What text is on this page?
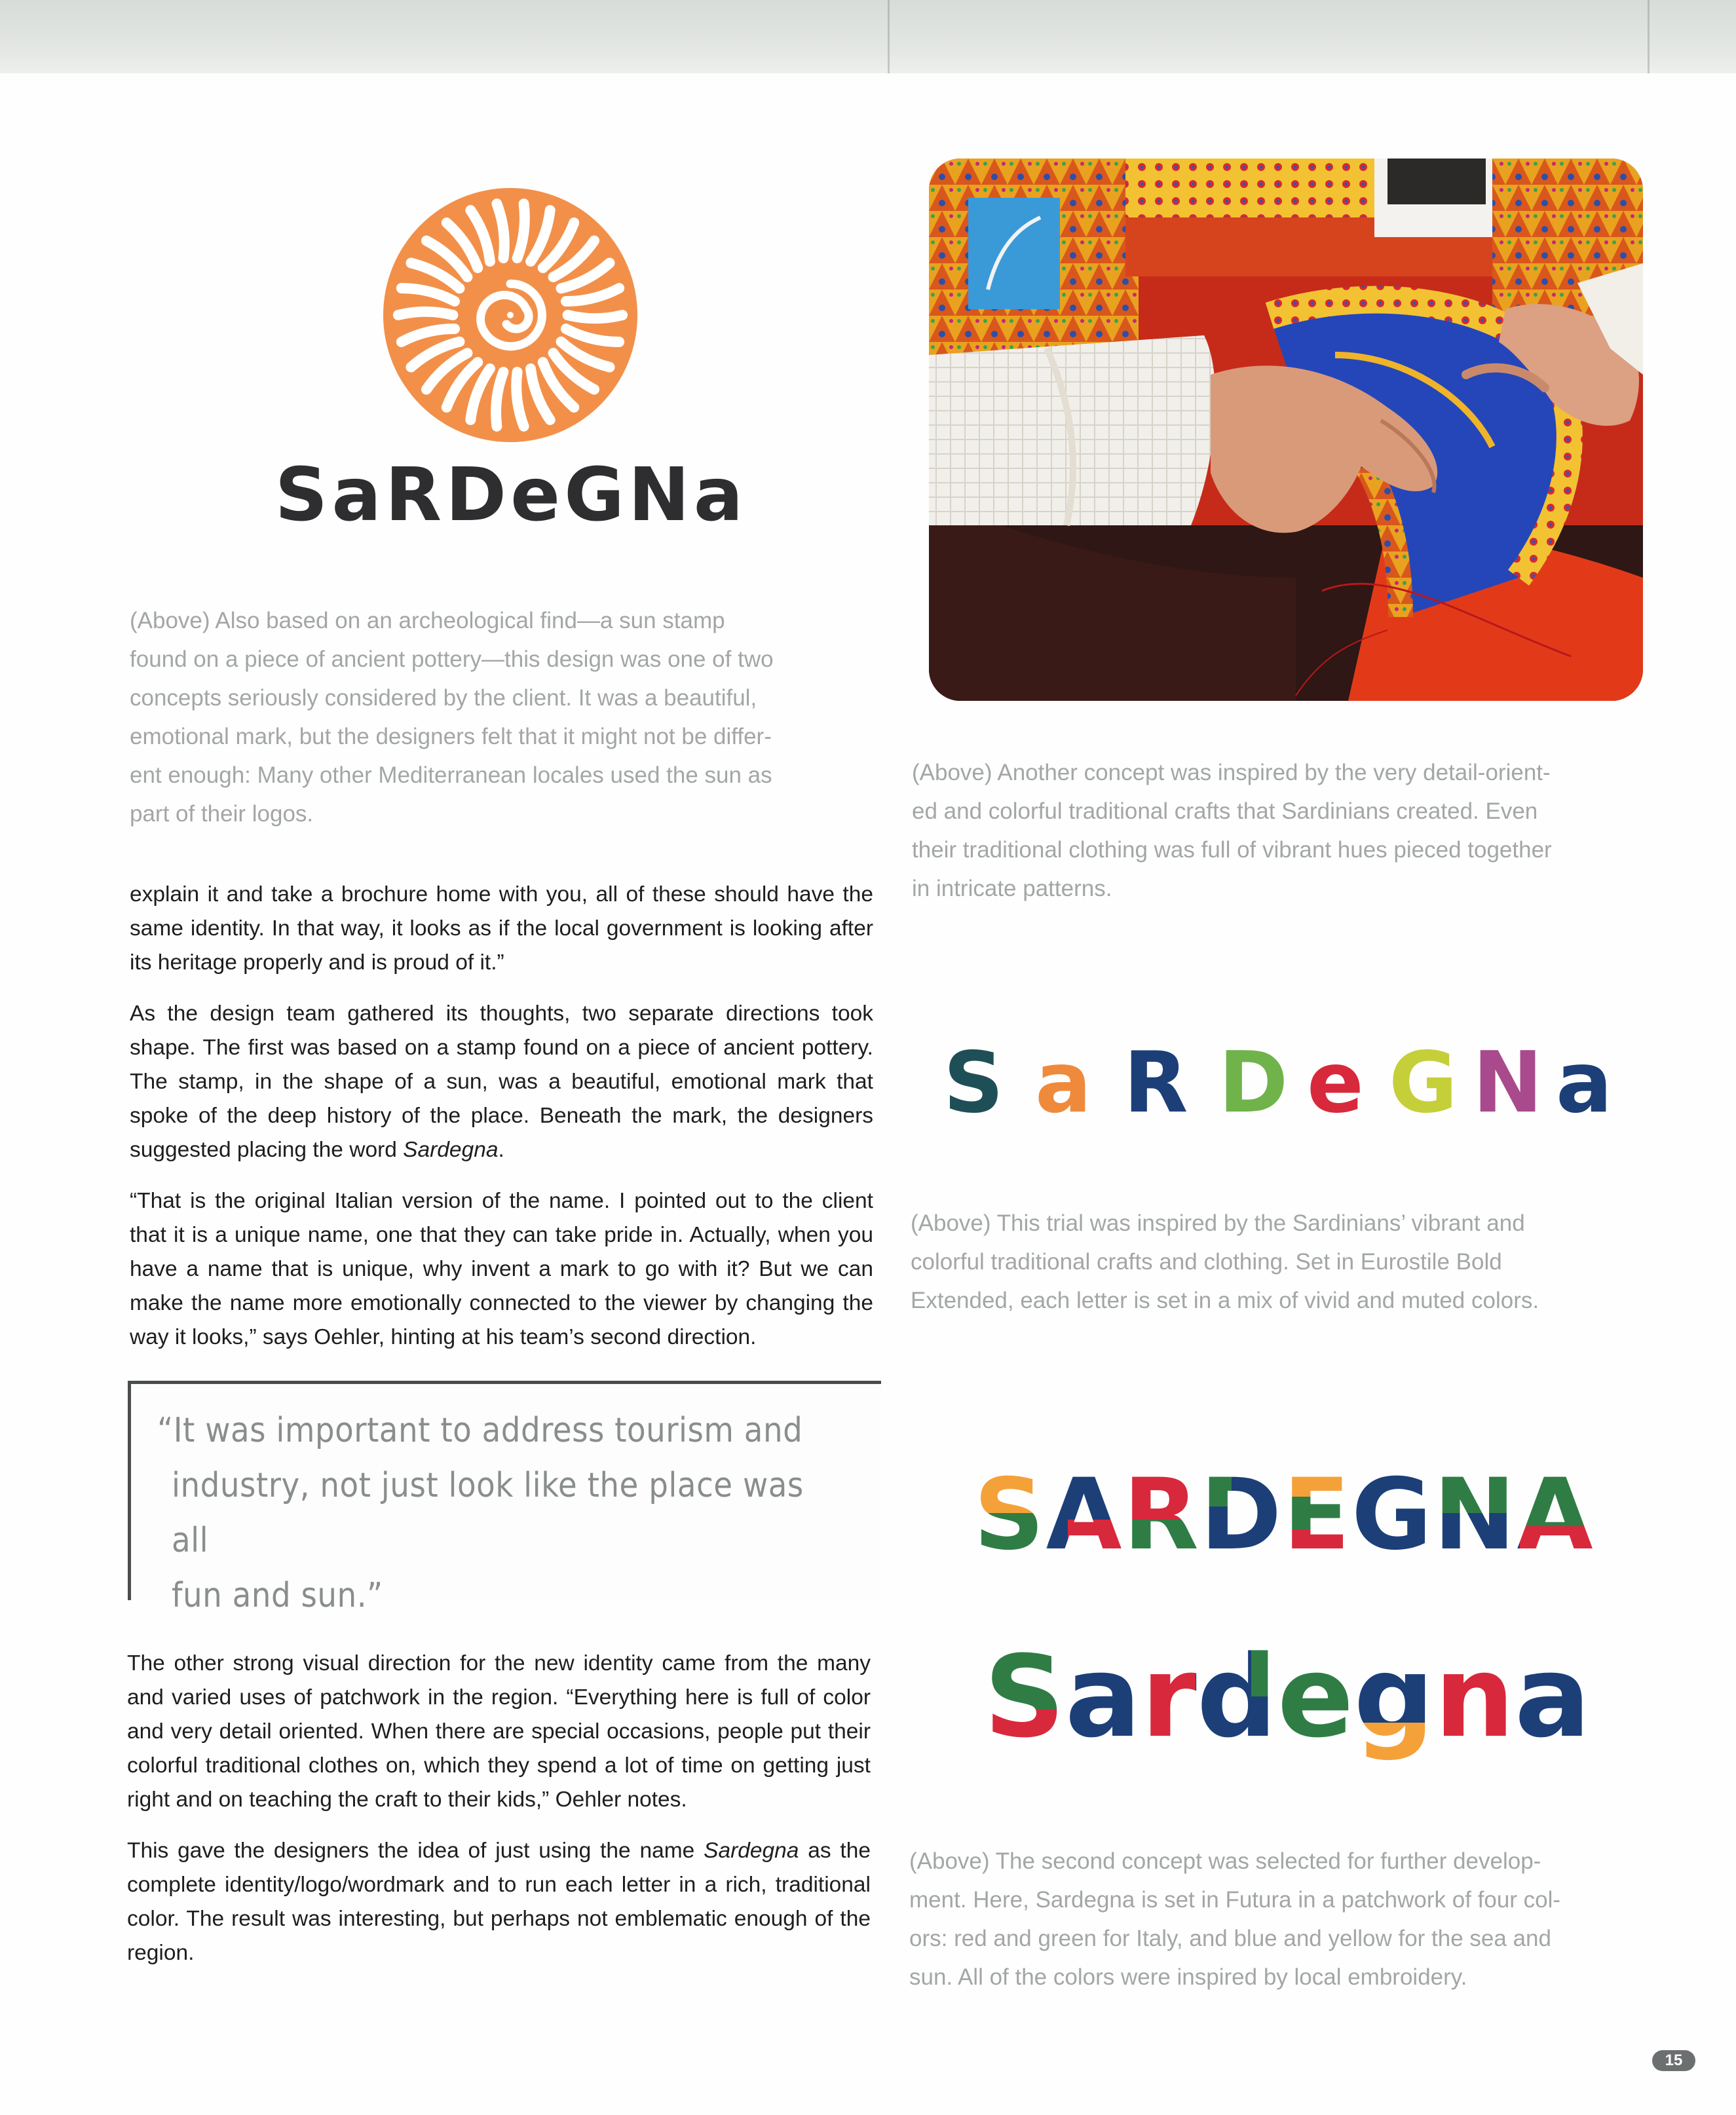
SaRDeGNa
(Above) Also based on an archeological find—a sun stamp
found on a piece of ancient pottery—this design was one of two
concepts seriously considered by the client. It was a beautiful,
emotional mark, but the designers felt that it might not be differ-
ent enough: Many other Mediterranean locales used the sun as
part of their logos.

explain it and take a brochure home with you, all of these should have the same identity. In that way, it looks as if the local government is looking after its heritage properly and is proud of it.”

As the design team gathered its thoughts, two separate directions took shape. The first was based on a stamp found on a piece of ancient pottery. The stamp, in the shape of a sun, was a beautiful, emotional mark that spoke of the deep history of the place. Beneath the mark, the designers suggested placing the word Sardegna.

“That is the original Italian version of the name. I pointed out to the client that it is a unique name, one that they can take pride in. Actually, when you have a name that is unique, why invent a mark to go with it? But we can make the name more emotionally connected to the viewer by changing the way it looks,” says Oehler, hinting at his team’s second direction.

“It was important to address tourism and
industry, not just look like the place was all
fun and sun.”

The other strong visual direction for the new identity came from the many and varied uses of patchwork in the region. “Everything here is full of color and very detail oriented. When there are special occasions, people put their colorful traditional clothes on, which they spend a lot of time on getting just right and on teaching the craft to their kids,” Oehler notes.

This gave the designers the idea of just using the name Sardegna as the complete identity/logo/wordmark and to run each letter in a rich, traditional color. The result was interesting, but perhaps not emblematic enough of the region.

(Above) Another concept was inspired by the very detail-orient-
ed and colorful traditional crafts that Sardinians created. Even
their traditional clothing was full of vibrant hues pieced together
in intricate patterns.
S a R D e G N a
(Above) This trial was inspired by the Sardinians’ vibrant and
colorful traditional crafts and clothing. Set in Eurostile Bold
Extended, each letter is set in a mix of vivid and muted colors.
(Above) The second concept was selected for further develop-
ment. Here, Sardegna is set in Futura in a patchwork of four col-
ors: red and green for Italy, and blue and yellow for the sea and
sun. All of the colors were inspired by local embroidery.
15
